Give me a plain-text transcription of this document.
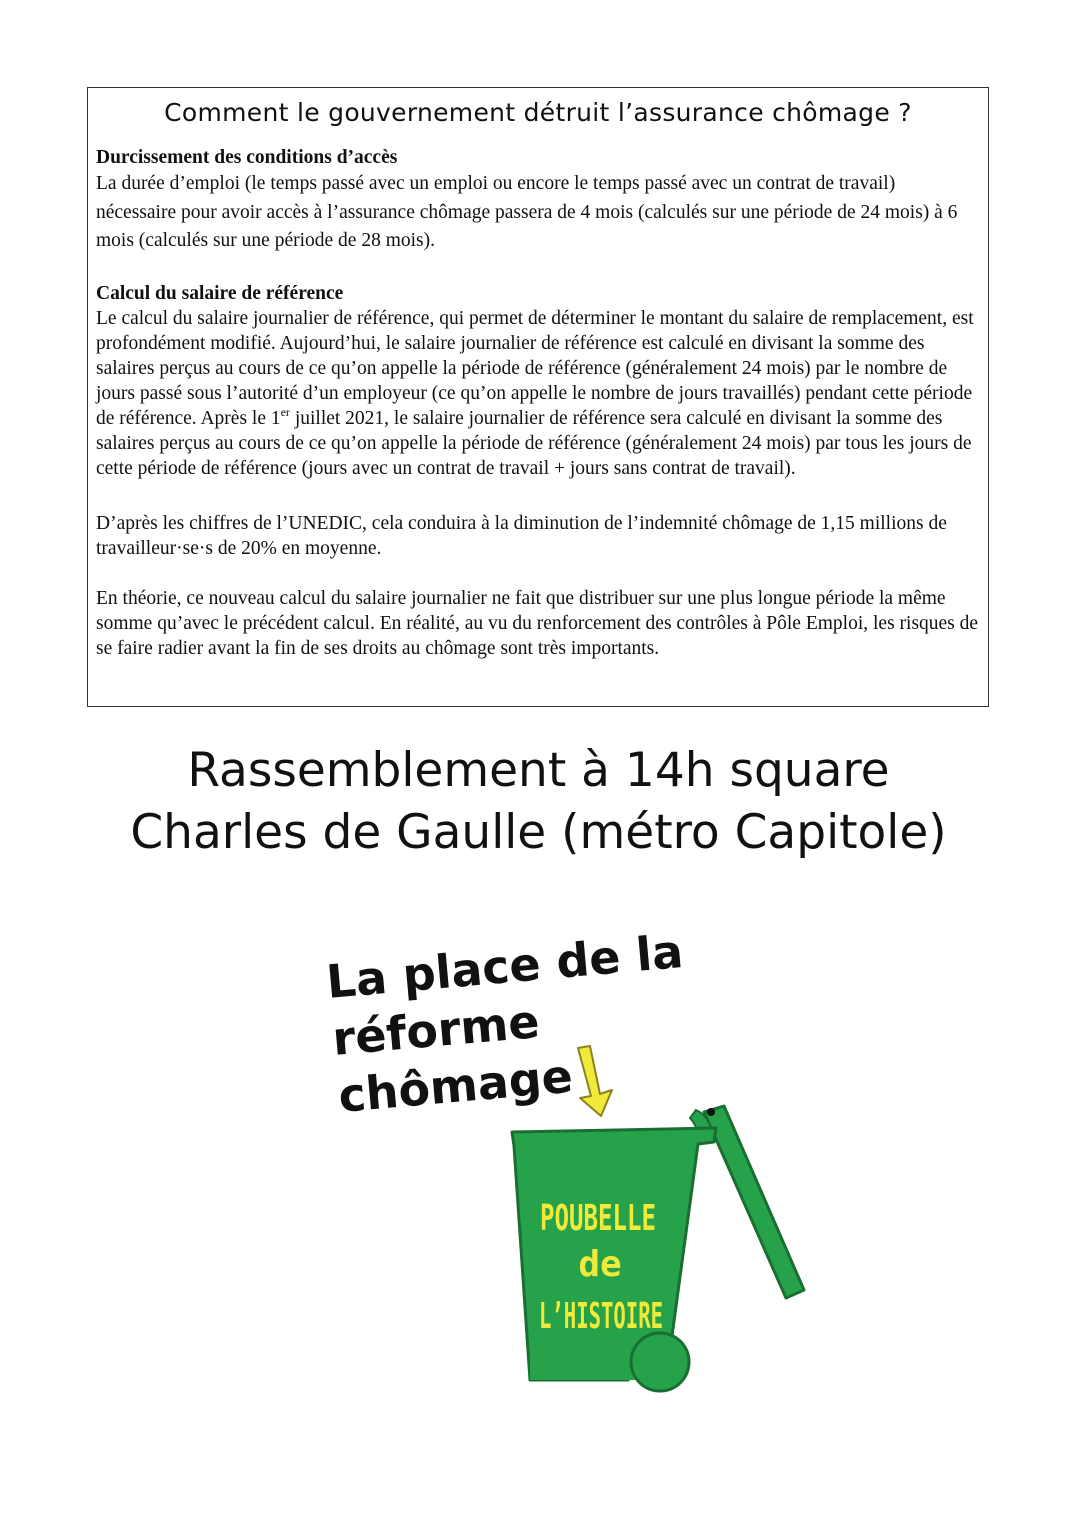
Comment le gouvernement détruit l’assurance chômage ?

Durcissement des conditions d’accès

La durée d’emploi (le temps passé avec un emploi ou encore le temps passé avec un contrat de travail) nécessaire pour avoir accès à l’assurance chômage passera de 4 mois (calculés sur une période de 24 mois) à 6 mois (calculés sur une période de 28 mois).

Calcul du salaire de référence

Le calcul du salaire journalier de référence, qui permet de déterminer le montant du salaire de remplacement, est profondément modifié. Aujourd’hui, le salaire journalier de référence est calculé en divisant la somme des salaires perçus au cours de ce qu’on appelle la période de référence (généralement 24 mois) par le nombre de jours passé sous l’autorité d’un employeur (ce qu’on appelle le nombre de jours travaillés) pendant cette période de référence. Après le 1er juillet 2021, le salaire journalier de référence sera calculé en divisant la somme des salaires perçus au cours de ce qu’on appelle la période de référence (généralement 24 mois) par tous les jours de cette période de référence (jours avec un contrat de travail + jours sans contrat de travail).

D’après les chiffres de l’UNEDIC, cela conduira à la diminution de l’indemnité chômage de 1,15 millions de travailleur·se·s de 20% en moyenne.

En théorie, ce nouveau calcul du salaire journalier ne fait que distribuer sur une plus longue période la même somme qu’avec le précédent calcul. En réalité, au vu du renforcement des contrôles à Pôle Emploi, les risques de se faire radier avant la fin de ses droits au chômage sont très importants.

Rassemblement à 14h square
Charles de Gaulle (métro Capitole)
La place de la
réforme
chômage
POUBELLE
de
L’HISTOIRE
